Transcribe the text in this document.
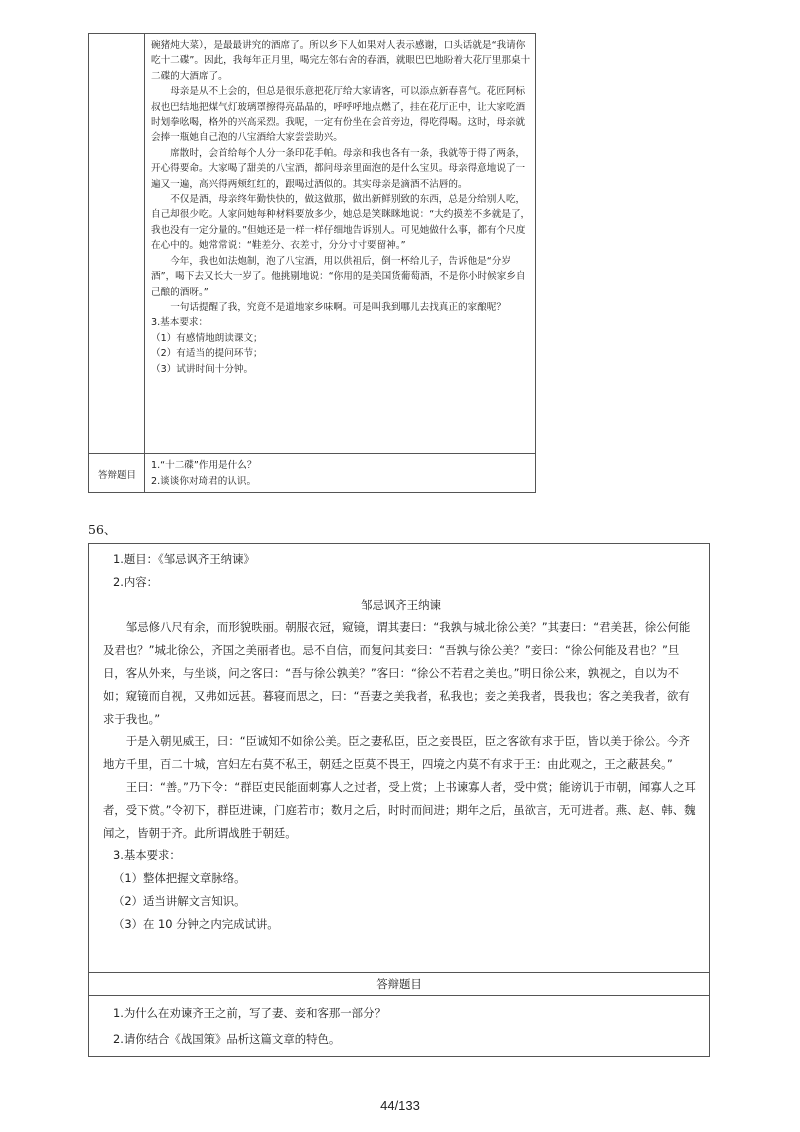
碗猪炖大菜），是最最讲究的酒席了。所以乡下人如果对人表示感谢，口头话就是“我请你吃十二碟”。因此，我每年正月里，喝完左邻右舍的春酒，就眼巴巴地盼着大花厅里那桌十二碟的大酒席了。

母亲是从不上会的，但总是很乐意把花厅给大家请客，可以添点新春喜气。花匠阿标叔也巴结地把煤气灯玻璃罩擦得亮晶晶的，呼呼呼地点燃了，挂在花厅正中，让大家吃酒时划拳吆喝，格外的兴高采烈。我呢，一定有份坐在会首旁边，得吃得喝。这时，母亲就会捧一瓶她自己泡的八宝酒给大家尝尝助兴。

席散时，会首给每个人分一条印花手帕。母亲和我也各有一条，我就等于得了两条，开心得要命。大家喝了甜美的八宝酒，都问母亲里面泡的是什么宝贝。母亲得意地说了一遍又一遍，高兴得两颊红红的，跟喝过酒似的。其实母亲是滴酒不沾唇的。

不仅是酒，母亲终年勤快快的，做这做那，做出新鲜别致的东西，总是分给别人吃，自己却很少吃。人家问她每种材料要放多少，她总是笑眯眯地说：“大约摸差不多就是了，我也没有一定分量的。”但她还是一样一样仔细地告诉别人。可见她做什么事，都有个尺度在心中的。她常常说：“鞋差分、衣差寸，分分寸寸要留神。”

今年，我也如法炮制，泡了八宝酒，用以供祖后，倒一杯给儿子，告诉他是“分岁酒”，喝下去又长大一岁了。他挑剔地说：“你用的是美国货葡萄酒，不是你小时候家乡自己酿的酒呀。”

一句话提醒了我，究竟不是道地家乡味啊。可是叫我到哪儿去找真正的家酿呢？

3.基本要求：

（1）有感情地朗读课文；

（2）有适当的提问环节；

（3）试讲时间十分钟。

答辩题目

1.“十二碟”作用是什么？

2.谈谈你对琦君的认识。

56、

1.题目：《邹忌讽齐王纳谏》

2.内容：

邹忌讽齐王纳谏

邹忌修八尺有余，而形貌昳丽。朝服衣冠，窥镜，谓其妻曰：“我孰与城北徐公美？”其妻曰：“君美甚，徐公何能及君也？”城北徐公，齐国之美丽者也。忌不自信，而复问其妾曰：“吾孰与徐公美？”妾曰：“徐公何能及君也？”旦日，客从外来，与坐谈，问之客曰：“吾与徐公孰美？”客曰：“徐公不若君之美也。”明日徐公来，孰视之，自以为不如；窥镜而自视，又弗如远甚。暮寝而思之，曰：“吾妻之美我者，私我也；妾之美我者，畏我也；客之美我者，欲有求于我也。”

于是入朝见威王，曰：“臣诚知不如徐公美。臣之妻私臣，臣之妾畏臣，臣之客欲有求于臣，皆以美于徐公。今齐地方千里，百二十城，宫妇左右莫不私王，朝廷之臣莫不畏王，四境之内莫不有求于王：由此观之，王之蔽甚矣。”

王曰：“善。”乃下令：“群臣吏民能面刺寡人之过者，受上赏；上书谏寡人者，受中赏；能谤讥于市朝，闻寡人之耳者，受下赏。”令初下，群臣进谏，门庭若市；数月之后，时时而间进；期年之后，虽欲言，无可进者。燕、赵、韩、魏闻之，皆朝于齐。此所谓战胜于朝廷。

3.基本要求：

（1）整体把握文章脉络。

（2）适当讲解文言知识。

（3）在 10 分钟之内完成试讲。

答辩题目

1.为什么在劝谏齐王之前，写了妻、妾和客那一部分？

2.请你结合《战国策》品析这篇文章的特色。

44/133
